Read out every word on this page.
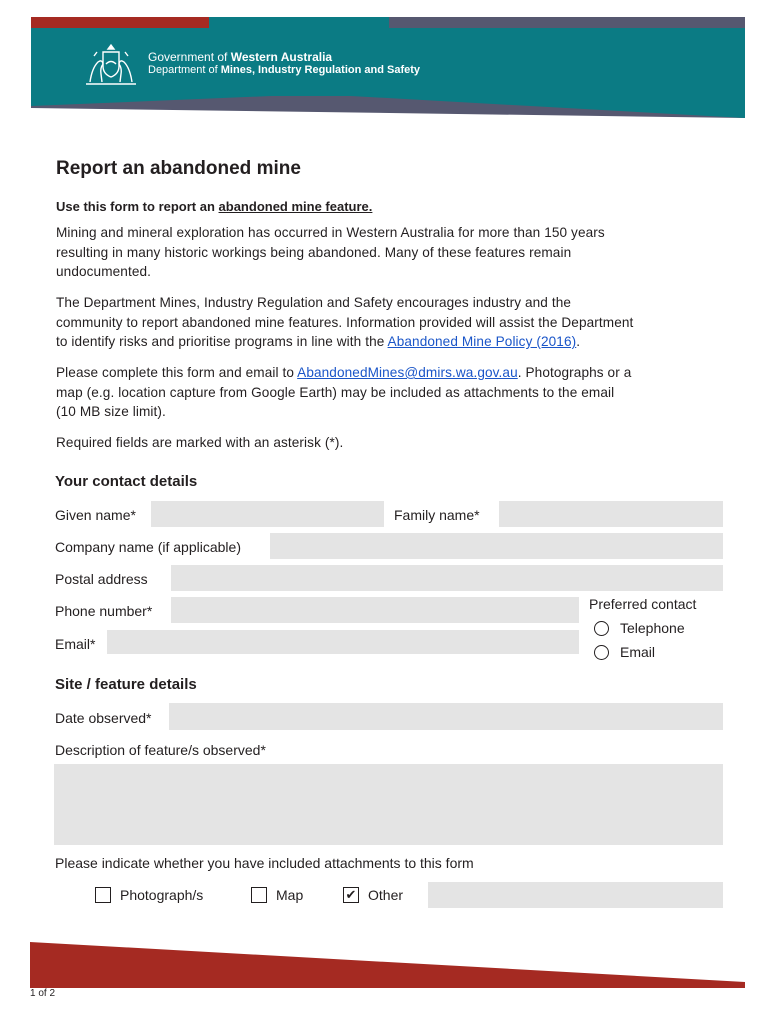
Government of Western Australia
Department of Mines, Industry Regulation and Safety
Report an abandoned mine
Use this form to report an abandoned mine feature.

Mining and mineral exploration has occurred in Western Australia for more than 150 years
resulting in many historic workings being abandoned. Many of these features remain
undocumented.

The Department Mines, Industry Regulation and Safety encourages industry and the
community to report abandoned mine features. Information provided will assist the Department
to identify risks and prioritise programs in line with the Abandoned Mine Policy (2016).

Please complete this form and email to AbandonedMines@dmirs.wa.gov.au. Photographs or a
map (e.g. location capture from Google Earth) may be included as attachments to the email
(10 MB size limit).

Required fields are marked with an asterisk (*).

Your contact details
Given name*	Family name*
Company name (if applicable)
Postal address
Phone number*
Email*
Preferred contact
Telephone
Email
Site / feature details
Date observed*
Description of feature/s observed*
Please indicate whether you have included attachments to this form
Photograph/s	Map	✔ Other
1 of 2
